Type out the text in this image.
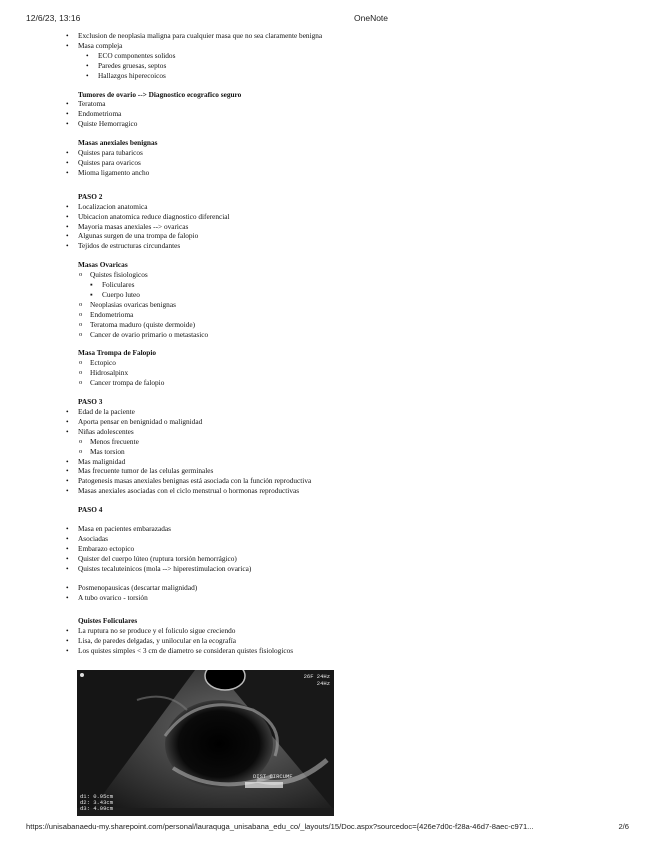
12/6/23, 13:16	OneNote
• Exclusion de neoplasia maligna para cualquier masa que no sea claramente benigna
• Masa compleja
• ECO componentes solidos
• Paredes gruesas, septos
• Hallazgos hiperecoicos
Tumores de ovario --> Diagnostico ecografico seguro
• Teratoma
• Endometrioma
• Quiste Hemorragico
Masas anexiales benignas
• Quistes para tubaricos
• Quistes para ovaricos
• Mioma ligamento ancho
PASO 2
• Localizacion anatomica
• Ubicacion anatomica reduce diagnostico diferencial
• Mayoria masas anexiales --> ovaricas
• Algunas surgen de una trompa de falopio
• Tejidos de estructuras circundantes
Masas Ovaricas
o Quistes fisiologicos
▪ Foliculares
▪ Cuerpo luteo
o Neoplasias ovaricas benignas
o Endometrioma
o Teratoma maduro (quiste dermoide)
o Cancer de ovario primario o metastasico
Masa Trompa de Falopio
o Ectopico
o Hidrosalpinx
o Cancer trompa de falopio
PASO 3
• Edad de la paciente
• Aporta pensar en benignidad o malignidad
• Niñas adolescentes
o Menos frecuente
o Mas torsion
• Mas malignidad
• Mas frecuente tumor de las celulas germinales
• Patogenesis masas anexiales benignas está asociada con la función reproductiva
• Masas anexiales asociadas con el ciclo menstrual o hormonas reproductivas
PASO 4
• Masa en pacientes embarazadas
• Asociadas
• Embarazo ectopico
• Quister del cuerpo lúteo (ruptura torsión hemorrágico)
• Quistes tecaluteinicos (mola --> hiperestimulacion ovarica)
• Posmenopausicas (descartar malignidad)
• A tubo ovarico - torsión
Quistes Foliculares
• La ruptura no se produce y el foliculo sigue creciendo
• Lisa, de paredes delgadas, y unilocular en la ecografía
• Los quistes simples < 3 cm de diametro se consideran quistes fisiologicos
26F 24Hz
24Hz
DIST CIRCUMF
d1: 0.95cm
d2: 3.43cm
d3: 4.09cm
https://unisabanaedu-my.sharepoint.com/personal/lauraquga_unisabana_edu_co/_layouts/15/Doc.aspx?sourcedoc={426e7d0c-f28a-46d7-8aec-c971...	2/6
